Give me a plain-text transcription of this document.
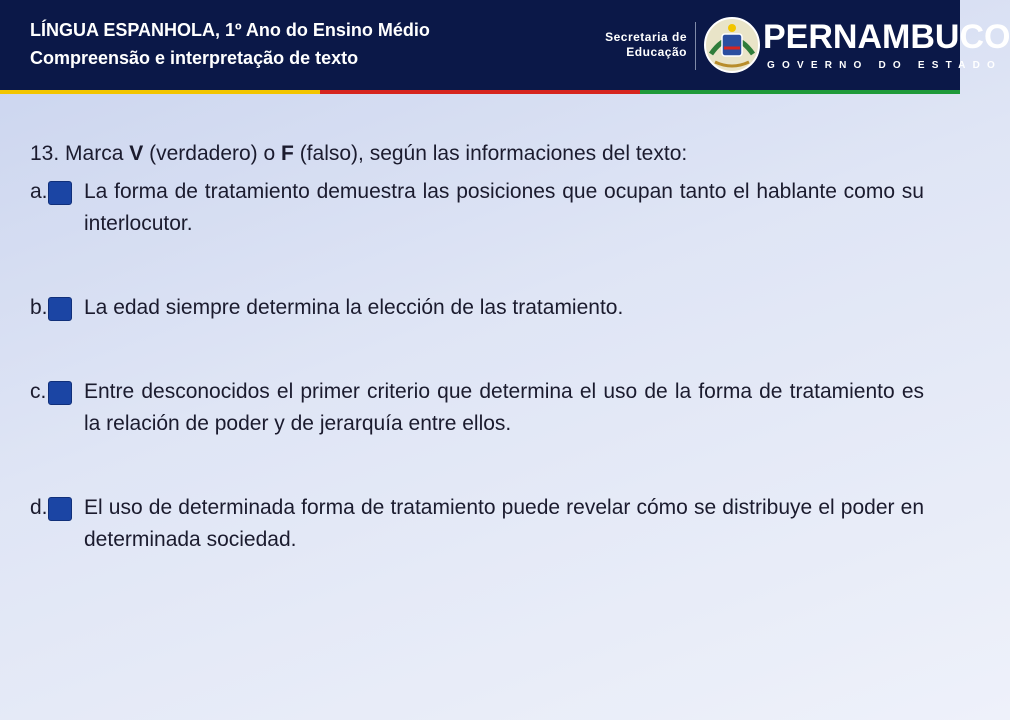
LÍNGUA ESPANHOLA, 1º Ano do Ensino Médio
Compreensão e interpretação de texto
Secretaria de
Educação PERNAMBUCO
GOVERNO DO ESTADO

13. Marca V (verdadero) o F (falso), según las informaciones del texto:

a. La forma de tratamiento demuestra las posiciones que ocupan tanto el hablante como su interlocutor.
b. La edad siempre determina la elección de las tratamiento.
c. Entre desconocidos el primer criterio que determina el uso de la forma de tratamiento es la relación de poder y de jerarquía entre ellos.
d. El uso de determinada forma de tratamiento puede revelar cómo se distribuye el poder en determinada sociedad.
